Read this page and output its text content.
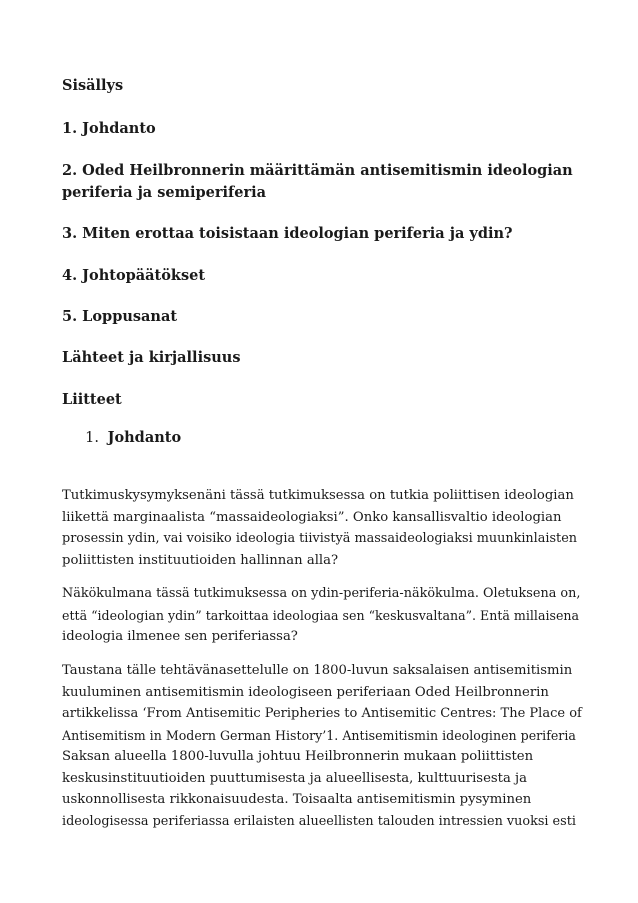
Sisällys

1. Johdanto

2. Oded Heilbronnerin määrittämän antisemitismin ideologian
periferia ja semiperiferia

3. Miten erottaa toisistaan ideologian periferia ja ydin?

4. Johtopäätökset

5. Loppusanat

Lähteet ja kirjallisuus

Liitteet

1. Johdanto

Tutkimuskysymyksenäni tässä tutkimuksessa on tutkia poliittisen ideologian
liikettä marginaalista “massaideologiaksi”. Onko kansallisvaltio ideologian
prosessin ydin, vai voisiko ideologia tiivistyä massaideologiaksi muunkinlaisten
poliittisten instituutioiden hallinnan alla?

Näkökulmana tässä tutkimuksessa on ydin-periferia-näkökulma. Oletuksena on,
että “ideologian ydin” tarkoittaa ideologiaa sen “keskusvaltana”. Entä millaisena
ideologia ilmenee sen periferiassa?

Taustana tälle tehtävänasettelulle on 1800-luvun saksalaisen antisemitismin
kuuluminen antisemitismin ideologiseen periferiaan Oded Heilbronnerin
artikkelissa ‘From Antisemitic Peripheries to Antisemitic Centres: The Place of
Antisemitism in Modern German History’1. Antisemitismin ideologinen periferia
Saksan alueella 1800-luvulla johtuu Heilbronnerin mukaan poliittisten
keskusinstituutioiden puuttumisesta ja alueellisesta, kulttuurisesta ja
uskonnollisesta rikkonaisuudesta. Toisaalta antisemitismin pysyminen
ideologisessa periferiassa erilaisten alueellisten talouden intressien vuoksi esti
